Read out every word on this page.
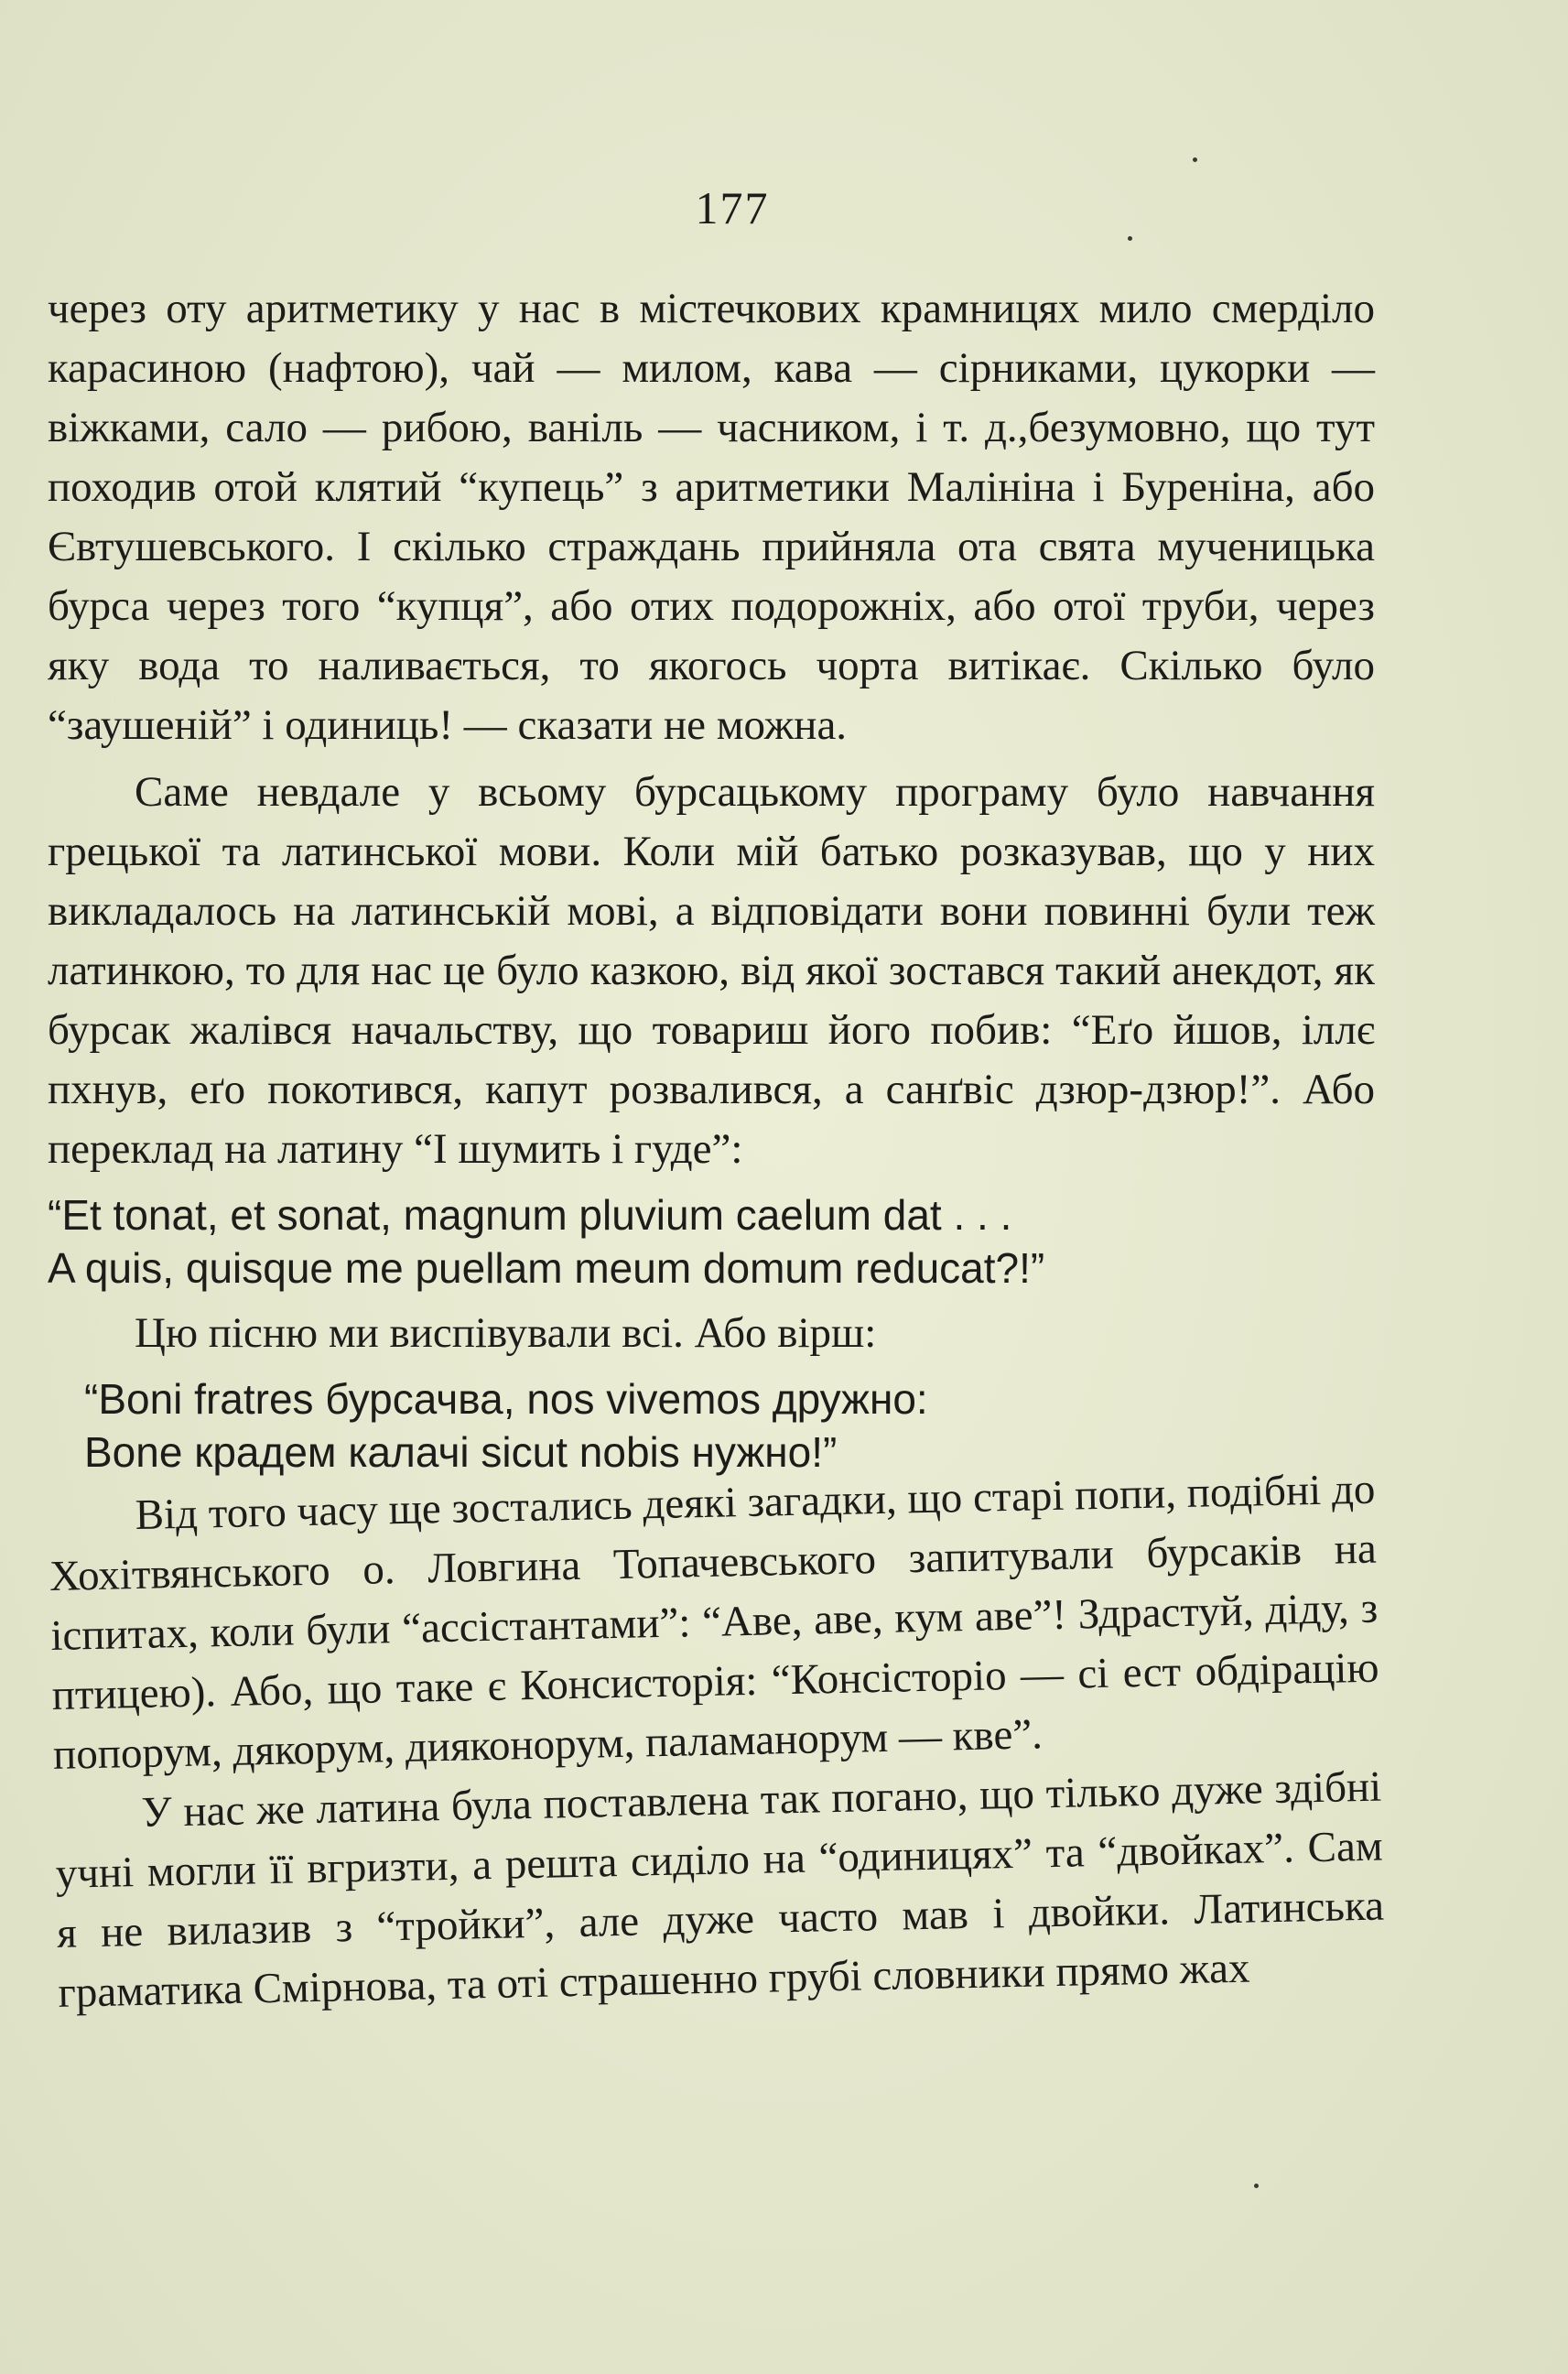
177

через оту аритметику у нас в містечкових крамницях мило смерділо карасиною (нафтою), чай — милом, кава — сірниками, цукорки — віжками, сало — рибою, ваніль — часником, і т. д.,безумовно, що тут походив отой клятий “купець” з аритметики Малініна і Буреніна, або Євтушевського. І скілько страждань прийняла ота свята мученицька бурса через того “купця”, або отих подорожніх, або отої труби, через яку вода то наливається, то якогось чорта витікає. Скілько було “заушеній” і одиниць! — сказати не можна.

Саме невдале у всьому бурсацькому програму було навчання грецької та латинської мови. Коли мій батько розказував, що у них викладалось на латинській мові, а відповідати вони повинні були теж латинкою, то для нас це було казкою, від якої зостався такий анекдот, як бурсак жалівся начальству, що товариш його побив: “Еґо йшов, іллє пхнув, еґо покотився, капут розвалився, а санґвіс дзюр-дзюр!”. Або переклад на латину “І шумить і гуде”:

“Et tonat, et sonat, magnum pluvium caelum dat . . .
A quis, quisque me puellam meum domum reducat?!”

Цю пісню ми виспівували всі. Або вірш:

“Boni fratres бурсачва, nos vivemos дружно:
Bone крадем калачі sicut nobis нужно!”

Від того часу ще зостались деякі загадки, що старі попи, подібні до Хохітвянського о. Ловгина Топачевського запитували бурсаків на іспитах, коли були “ассістантами”: “Аве, аве, кум аве”! Здрастуй, діду, з птицею). Або, що таке є Консисторія: “Консісторіо — сі ест обдірацію попорум, дякорум, дияконорум, паламанорум — кве”.

У нас же латина була поставлена так погано, що тількo дуже здібні учні могли її вгризти, а решта сиділо на “одиницях” та “двойках”. Сам я не вилазив з “тройки”, але дуже часто мав і двойки. Латинська граматика Смірнова, та оті страшенно грубі словники прямо жах
